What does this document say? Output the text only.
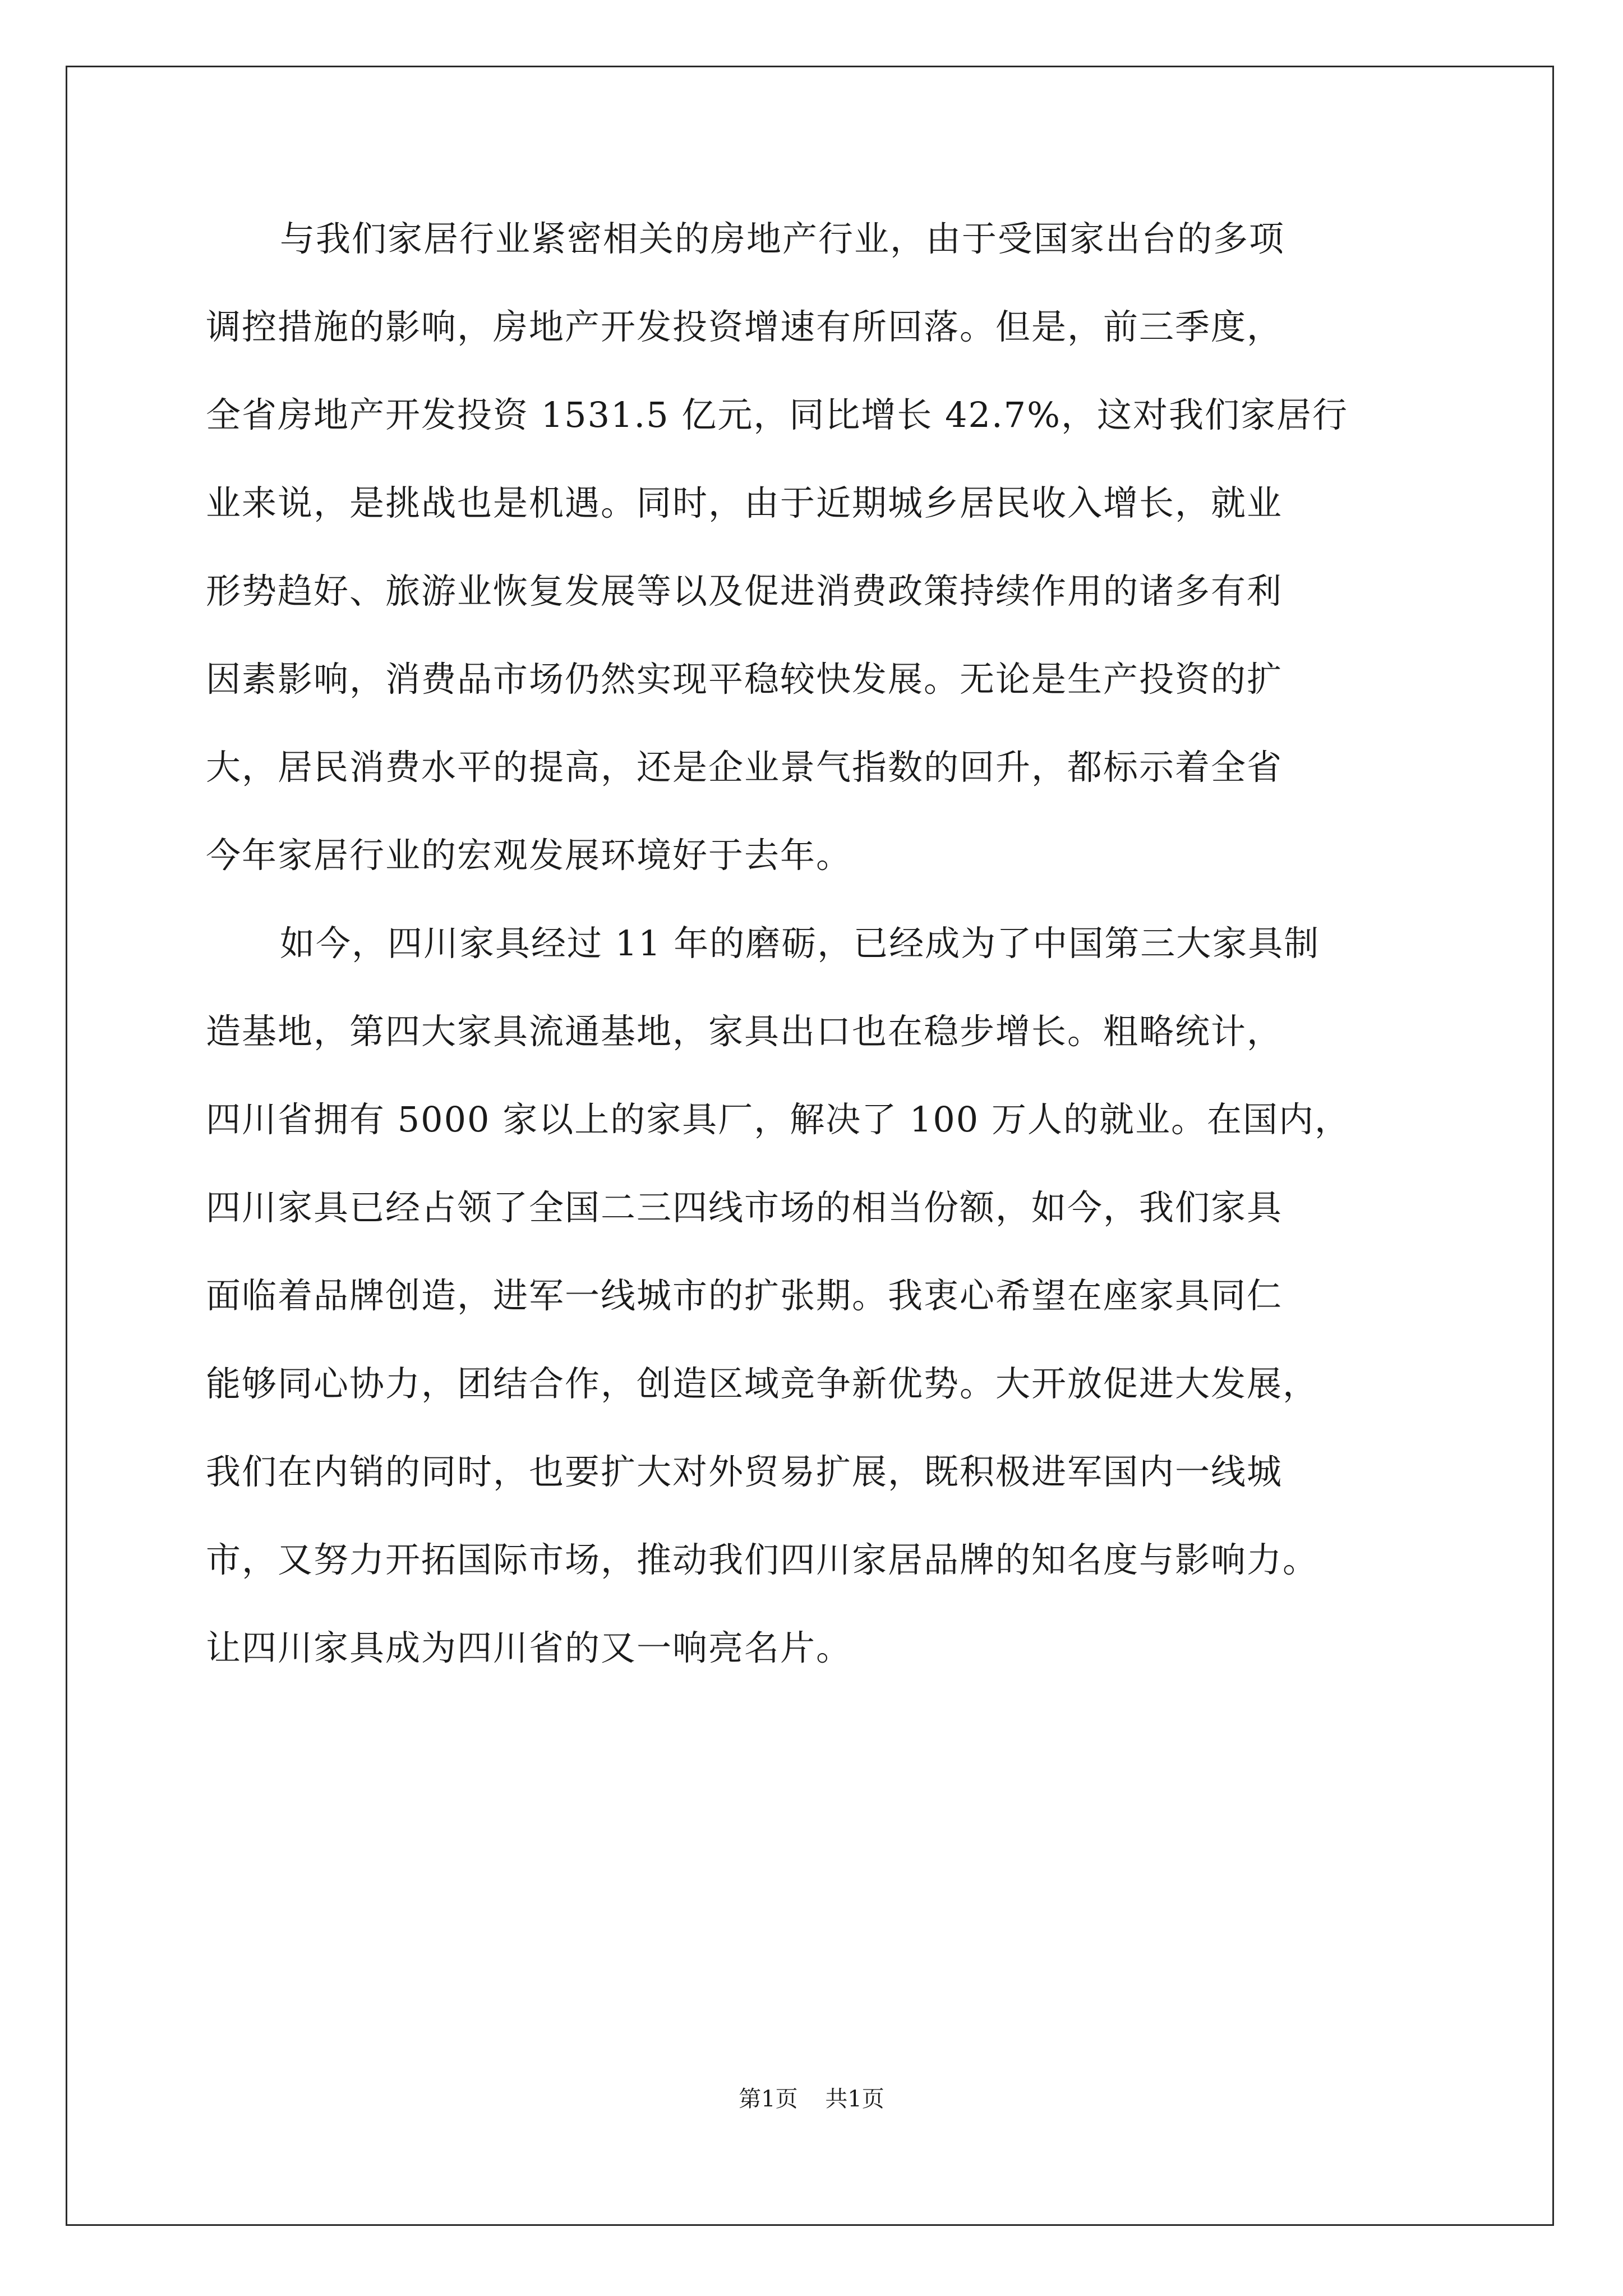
与我们家居行业紧密相关的房地产行业，由于受国家出台的多项
调控措施的影响，房地产开发投资增速有所回落。但是，前三季度，
全省房地产开发投资 1531.5 亿元，同比增长 42.7%，这对我们家居行
业来说，是挑战也是机遇。同时，由于近期城乡居民收入增长，就业
形势趋好、旅游业恢复发展等以及促进消费政策持续作用的诸多有利
因素影响，消费品市场仍然实现平稳较快发展。无论是生产投资的扩
大，居民消费水平的提高，还是企业景气指数的回升，都标示着全省
今年家居行业的宏观发展环境好于去年。
如今，四川家具经过 11 年的磨砺，已经成为了中国第三大家具制
造基地，第四大家具流通基地，家具出口也在稳步增长。粗略统计，
四川省拥有 5000 家以上的家具厂，解决了 100 万人的就业。在国内，
四川家具已经占领了全国二三四线市场的相当份额，如今，我们家具
面临着品牌创造，进军一线城市的扩张期。我衷心希望在座家具同仁
能够同心协力，团结合作，创造区域竞争新优势。大开放促进大发展，
我们在内销的同时，也要扩大对外贸易扩展，既积极进军国内一线城
市，又努力开拓国际市场，推动我们四川家居品牌的知名度与影响力。
让四川家具成为四川省的又一响亮名片。
第1页 共1页
